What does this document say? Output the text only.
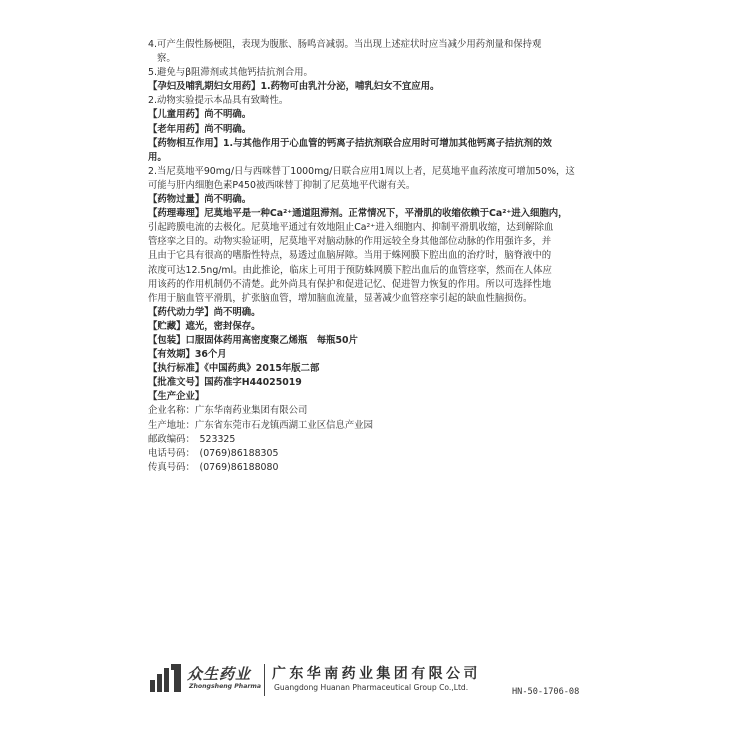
4.可产生假性肠梗阻，表现为腹胀、肠鸣音减弱。当出现上述症状时应当减少用药剂量和保持观
察。
5.避免与β阻滞剂或其他钙拮抗剂合用。
【孕妇及哺乳期妇女用药】1.药物可由乳汁分泌，哺乳妇女不宜应用。
2.动物实验提示本品具有致畸性。
【儿童用药】尚不明确。
【老年用药】尚不明确。
【药物相互作用】1.与其他作用于心血管的钙离子拮抗剂联合应用时可增加其他钙离子拮抗剂的效
用。
2.当尼莫地平90mg/日与西咪替丁1000mg/日联合应用1周以上者，尼莫地平血药浓度可增加50%，这
可能与肝内细胞色素P450被西咪替丁抑制了尼莫地平代谢有关。
【药物过量】尚不明确。
【药理毒理】尼莫地平是一种Ca²⁺通道阻滞剂。正常情况下，平滑肌的收缩依赖于Ca²⁺进入细胞内，
引起跨膜电流的去极化。尼莫地平通过有效地阻止Ca²⁺进入细胞内、抑制平滑肌收缩，达到解除血
管痉挛之目的。动物实验证明，尼莫地平对脑动脉的作用远较全身其他部位动脉的作用强许多，并
且由于它具有很高的嗜脂性特点，易透过血脑屏障。当用于蛛网膜下腔出血的治疗时，脑脊液中的
浓度可达12.5ng/ml。由此推论，临床上可用于预防蛛网膜下腔出血后的血管痉挛，然而在人体应
用该药的作用机制仍不清楚。此外尚具有保护和促进记忆、促进智力恢复的作用。所以可选择性地
作用于脑血管平滑肌，扩张脑血管，增加脑血流量，显著减少血管痉挛引起的缺血性脑损伤。
【药代动力学】尚不明确。
【贮藏】遮光，密封保存。
【包装】口服固体药用高密度聚乙烯瓶　每瓶50片
【有效期】36个月
【执行标准】《中国药典》2015年版二部
【批准文号】国药准字H44025019
【生产企业】
企业名称：广东华南药业集团有限公司
生产地址：广东省东莞市石龙镇西湖工业区信息产业园
邮政编码：　523325
电话号码：　(0769)86188305
传真号码：　(0769)86188080
众生药业
Zhongsheng Pharma
广东华南药业集团有限公司
Guangdong Huanan Pharmaceutical Group Co.,Ltd.	HN-50-1706-08
